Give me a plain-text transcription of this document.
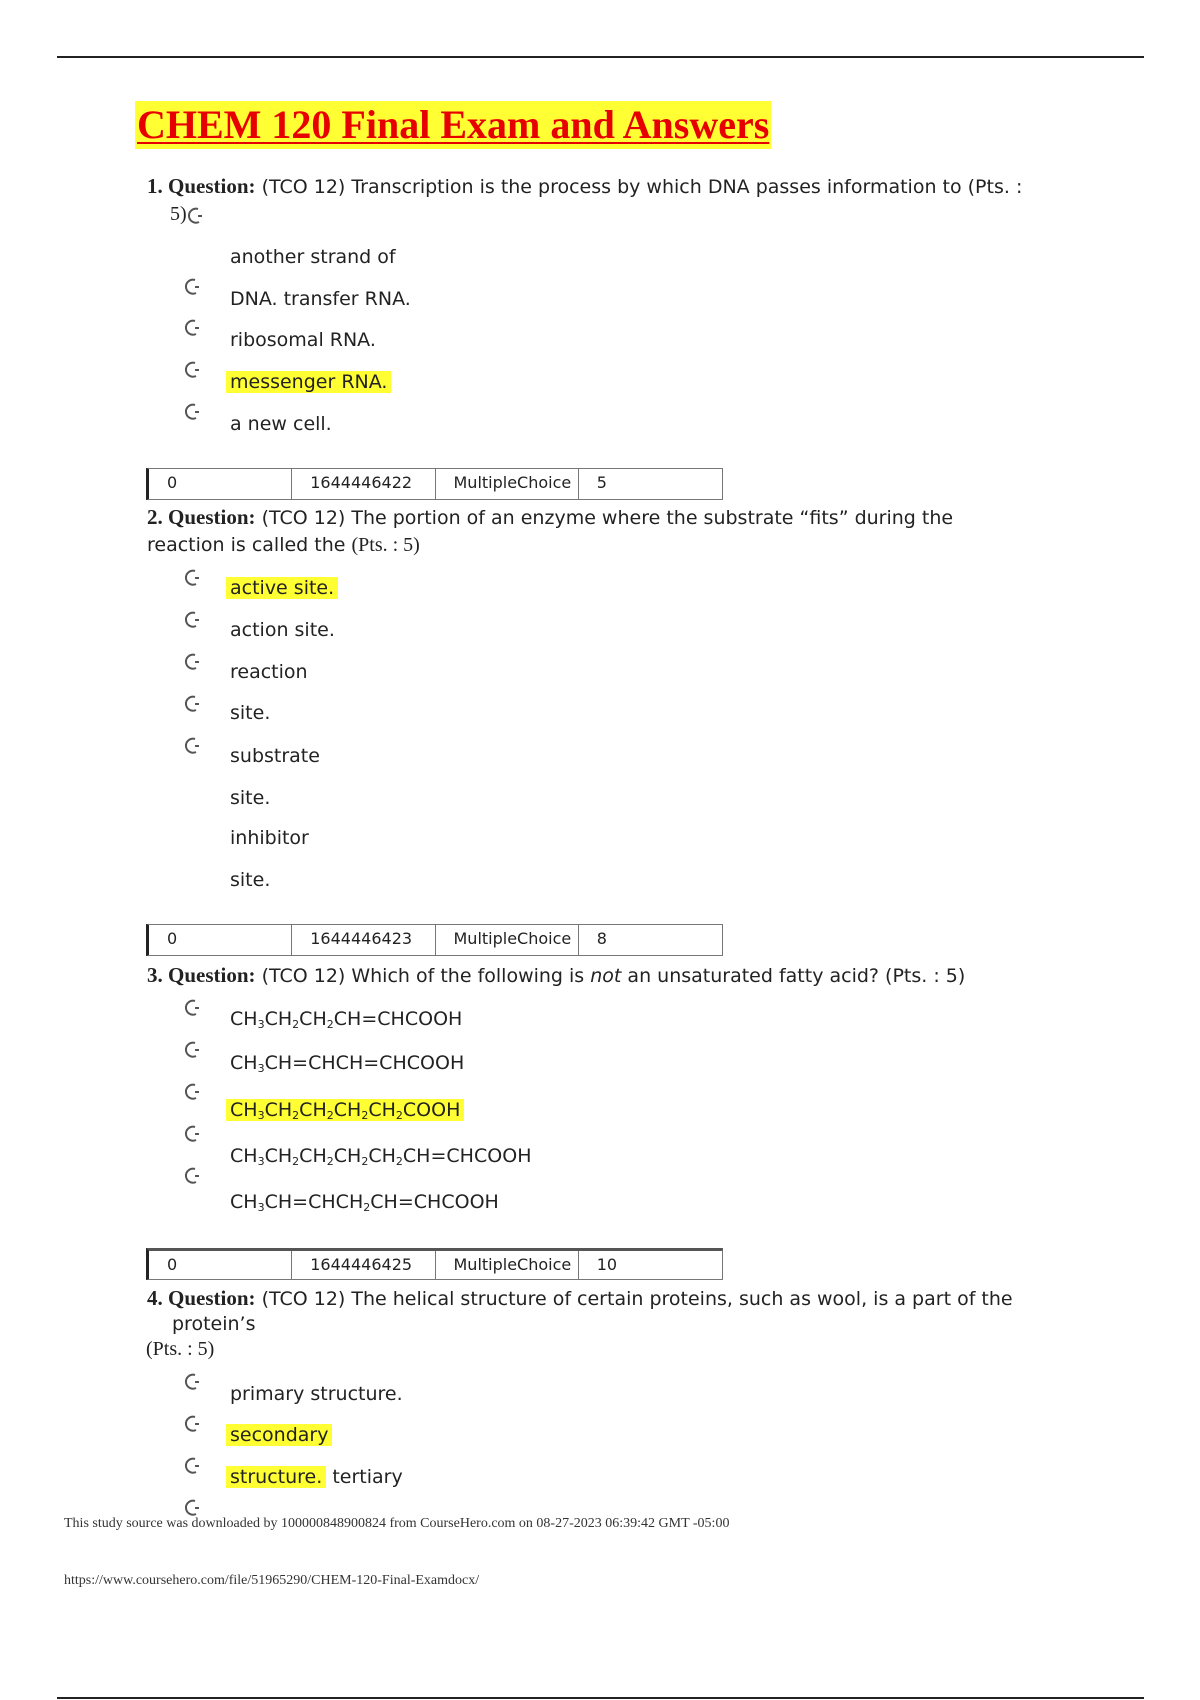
CHEM 120 Final Exam and Answers
1. Question: (TCO 12) Transcription is the process by which DNA passes information to (Pts. :
5)
another strand of
DNA. transfer RNA.
ribosomal RNA.
messenger RNA.
a new cell.
0	1644446422	MultipleChoice	5
2. Question: (TCO 12) The portion of an enzyme where the substrate “fits” during the
reaction is called the (Pts. : 5)
active site.
action site.
reaction
site.
substrate
site.
inhibitor
site.
0	1644446423	MultipleChoice	8
3. Question: (TCO 12) Which of the following is not an unsaturated fatty acid? (Pts. : 5)
$CH_3CH_2CH_2CH=CHCOOH$
$CH_3CH=CHCH=CHCOOH$
$CH_3CH_2CH_2CH_2CH_2COOH$
$CH_3CH_2CH_2CH_2CH_2CH=CHCOOH$
$CH_3CH=CHCH_2CH=CHCOOH$
0	1644446425	MultipleChoice	10
4. Question: (TCO 12) The helical structure of certain proteins, such as wool, is a part of the
protein’s
(Pts. : 5)
primary structure.
secondary
structure. tertiary
This study source was downloaded by 100000848900824 from CourseHero.com on 08-27-2023 06:39:42 GMT -05:00
https://www.coursehero.com/file/51965290/CHEM-120-Final-Examdocx/
